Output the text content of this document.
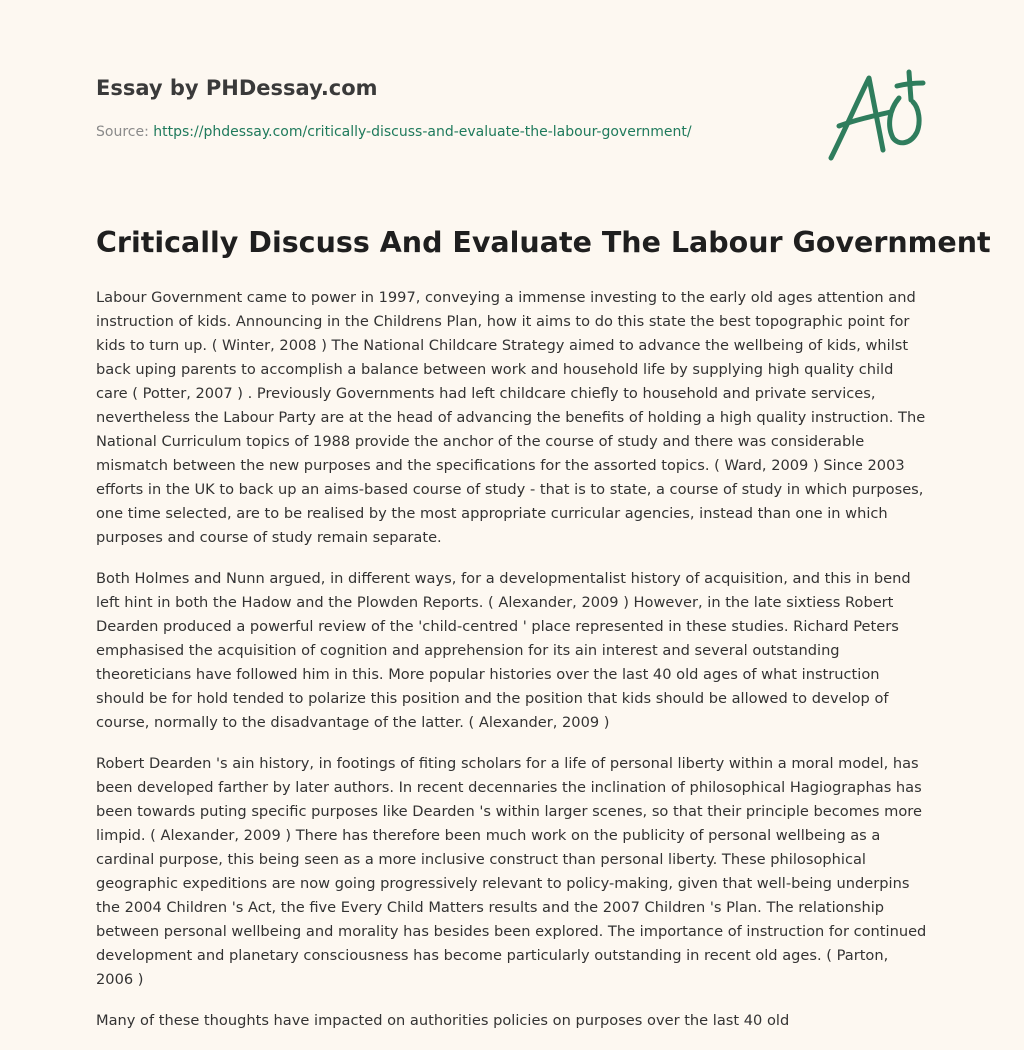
Essay by PHDessay.com
Source: https://phdessay.com/critically-discuss-and-evaluate-the-labour-government/
Critically Discuss And Evaluate The Labour Government

Labour Government came to power in 1997, conveying a immense investing to the early old ages attention and instruction of kids. Announcing in the Childrens Plan, how it aims to do this state the best topographic point for kids to turn up. ( Winter, 2008 ) The National Childcare Strategy aimed to advance the wellbeing of kids, whilst back uping parents to accomplish a balance between work and household life by supplying high quality child care ( Potter, 2007 ) . Previously Governments had left childcare chiefly to household and private services, nevertheless the Labour Party are at the head of advancing the benefits of holding a high quality instruction. The National Curriculum topics of 1988 provide the anchor of the course of study and there was considerable mismatch between the new purposes and the specifications for the assorted topics. ( Ward, 2009 ) Since 2003 efforts in the UK to back up an aims-based course of study - that is to state, a course of study in which purposes, one time selected, are to be realised by the most appropriate curricular agencies, instead than one in which purposes and course of study remain separate.

Both Holmes and Nunn argued, in different ways, for a developmentalist history of acquisition, and this in bend left hint in both the Hadow and the Plowden Reports. ( Alexander, 2009 ) However, in the late sixtiess Robert Dearden produced a powerful review of the 'child-centred ' place represented in these studies. Richard Peters emphasised the acquisition of cognition and apprehension for its ain interest and several outstanding theoreticians have followed him in this. More popular histories over the last 40 old ages of what instruction should be for hold tended to polarize this position and the position that kids should be allowed to develop of course, normally to the disadvantage of the latter. ( Alexander, 2009 )

Robert Dearden 's ain history, in footings of fiting scholars for a life of personal liberty within a moral model, has been developed farther by later authors. In recent decennaries the inclination of philosophical Hagiographas has been towards puting specific purposes like Dearden 's within larger scenes, so that their principle becomes more limpid. ( Alexander, 2009 ) There has therefore been much work on the publicity of personal wellbeing as a cardinal purpose, this being seen as a more inclusive construct than personal liberty. These philosophical geographic expeditions are now going progressively relevant to policy-making, given that well-being underpins the 2004 Children 's Act, the five Every Child Matters results and the 2007 Children 's Plan. The relationship between personal wellbeing and morality has besides been explored. The importance of instruction for continued development and planetary consciousness has become particularly outstanding in recent old ages. ( Parton, 2006 )

Many of these thoughts have impacted on authorities policies on purposes over the last 40 old
